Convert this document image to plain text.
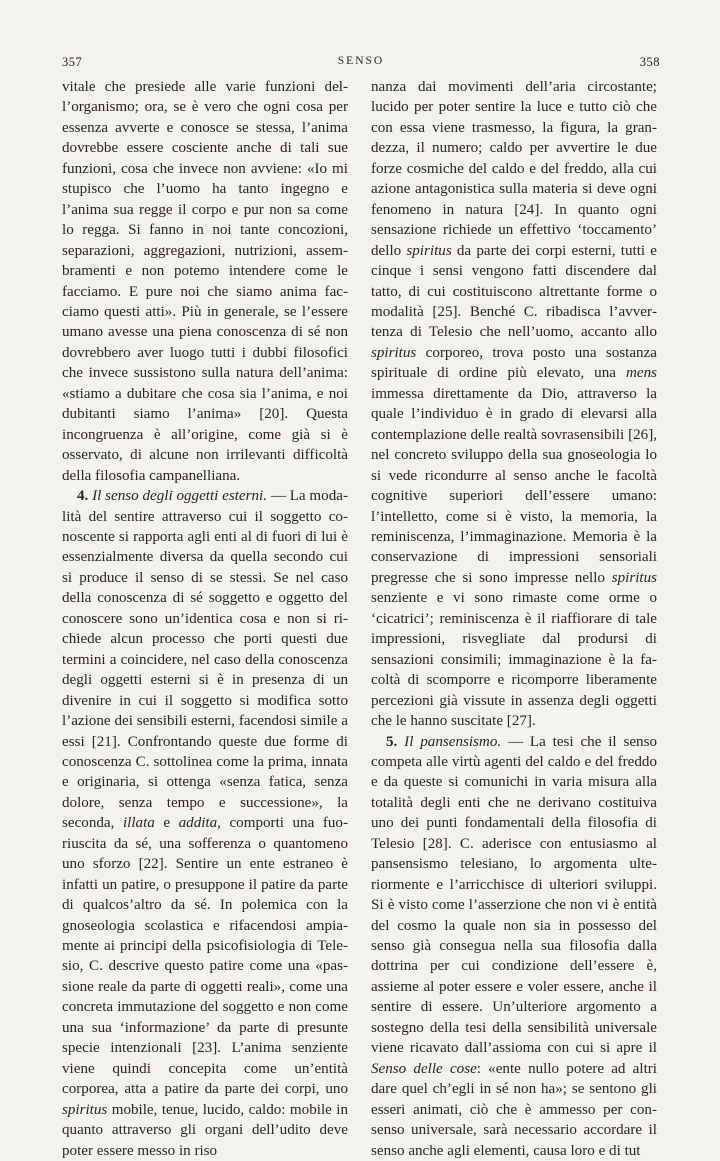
357	SENSO	358

vitale che presiede alle varie funzioni dell’organismo; ora, se è vero che ogni cosa per essenza avverte e conosce se stessa, l’anima dovrebbe essere cosciente anche di tali sue funzioni, cosa che invece non avviene: «Io mi stupisco che l’uomo ha tanto ingegno e l’anima sua regge il corpo e pur non sa come lo regga. Si fanno in noi tante concozioni, separazioni, aggregazioni, nutrizioni, assembramenti e non potemo intendere come le facciamo. E pure noi che siamo anima facciamo questi atti». Più in generale, se l’essere umano avesse una piena conoscenza di sé non dovrebbero aver luogo tutti i dubbi filosofici che invece sussistono sulla natura dell’anima: «stiamo a dubitare che cosa sia l’anima, e noi dubitanti siamo l’anima» [20]. Questa incongruenza è all’origine, come già si è osservato, di alcune non irrilevanti difficoltà della filosofia campanelliana.

4. Il senso degli oggetti esterni. — La modalità del sentire attraverso cui il soggetto conoscente si rapporta agli enti al di fuori di lui è essenzialmente diversa da quella secondo cui si produce il senso di se stessi. Se nel caso della conoscenza di sé soggetto e oggetto del conoscere sono un’identica cosa e non si richiede alcun processo che porti questi due termini a coincidere, nel caso della conoscenza degli oggetti esterni si è in presenza di un divenire in cui il soggetto si modifica sotto l’azione dei sensibili esterni, facendosi simile a essi [21]. Confrontando queste due forme di conoscenza C. sottolinea come la prima, innata e originaria, si ottenga «senza fatica, senza dolore, senza tempo e successione», la seconda, illata e addita, comporti una fuoriuscita da sé, una sofferenza o quantomeno uno sforzo [22]. Sentire un ente estraneo è infatti un patire, o presuppone il patire da parte di qualcos’altro da sé. In polemica con la gnoseologia scolastica e rifacendosi ampiamente ai principi della psicofisiologia di Telesio, C. descrive questo patire come una «passione reale da parte di oggetti reali», come una concreta immutazione del soggetto e non come una sua ‘informazione’ da parte di presunte specie intenzionali [23]. L’anima senziente viene quindi concepita come un’entità corporea, atta a patire da parte dei corpi, uno spiritus mobile, tenue, lucido, caldo: mobile in quanto attraverso gli organi dell’udito deve poter essere messo in riso

nanza dai movimenti dell’aria circostante; lucido per poter sentire la luce e tutto ciò che con essa viene trasmesso, la figura, la grandezza, il numero; caldo per avvertire le due forze cosmiche del caldo e del freddo, alla cui azione antagonistica sulla materia si deve ogni fenomeno in natura [24]. In quanto ogni sensazione richiede un effettivo ‘toccamento’ dello spiritus da parte dei corpi esterni, tutti e cinque i sensi vengono fatti discendere dal tatto, di cui costituiscono altrettante forme o modalità [25]. Benché C. ribadisca l’avvertenza di Telesio che nell’uomo, accanto allo spiritus corporeo, trova posto una sostanza spirituale di ordine più elevato, una mens immessa direttamente da Dio, attraverso la quale l’individuo è in grado di elevarsi alla contemplazione delle realtà sovrasensibili [26], nel concreto sviluppo della sua gnoseologia lo si vede ricondurre al senso anche le facoltà cognitive superiori dell’essere umano: l’intelletto, come si è visto, la memoria, la reminiscenza, l’immaginazione. Memoria è la conservazione di impressioni sensoriali pregresse che si sono impresse nello spiritus senziente e vi sono rimaste come orme o ‘cicatrici’; reminiscenza è il riaffiorare di tale impressioni, risvegliate dal prodursi di sensazioni consimili; immaginazione è la facoltà di scomporre e ricomporre liberamente percezioni già vissute in assenza degli oggetti che le hanno suscitate [27].

5. Il pansensismo. — La tesi che il senso competa alle virtù agenti del caldo e del freddo e da queste si comunichi in varia misura alla totalità degli enti che ne derivano costituiva uno dei punti fondamentali della filosofia di Telesio [28]. C. aderisce con entusiasmo al pansensismo telesiano, lo argomenta ulteriormente e l’arricchisce di ulteriori sviluppi. Si è visto come l’asserzione che non vi è entità del cosmo la quale non sia in possesso del senso già consegua nella sua filosofia dalla dottrina per cui condizione dell’essere è, assieme al poter essere e voler essere, anche il sentire di essere. Un’ulteriore argomento a sostegno della tesi della sensibilità universale viene ricavato dall’assioma con cui si apre il Senso delle cose: «ente nullo potere ad altri dare quel ch’egli in sé non ha»; se sentono gli esseri animati, ciò che è ammesso per consenso universale, sarà necessario accordare il senso anche agli elementi, causa loro e di tut
